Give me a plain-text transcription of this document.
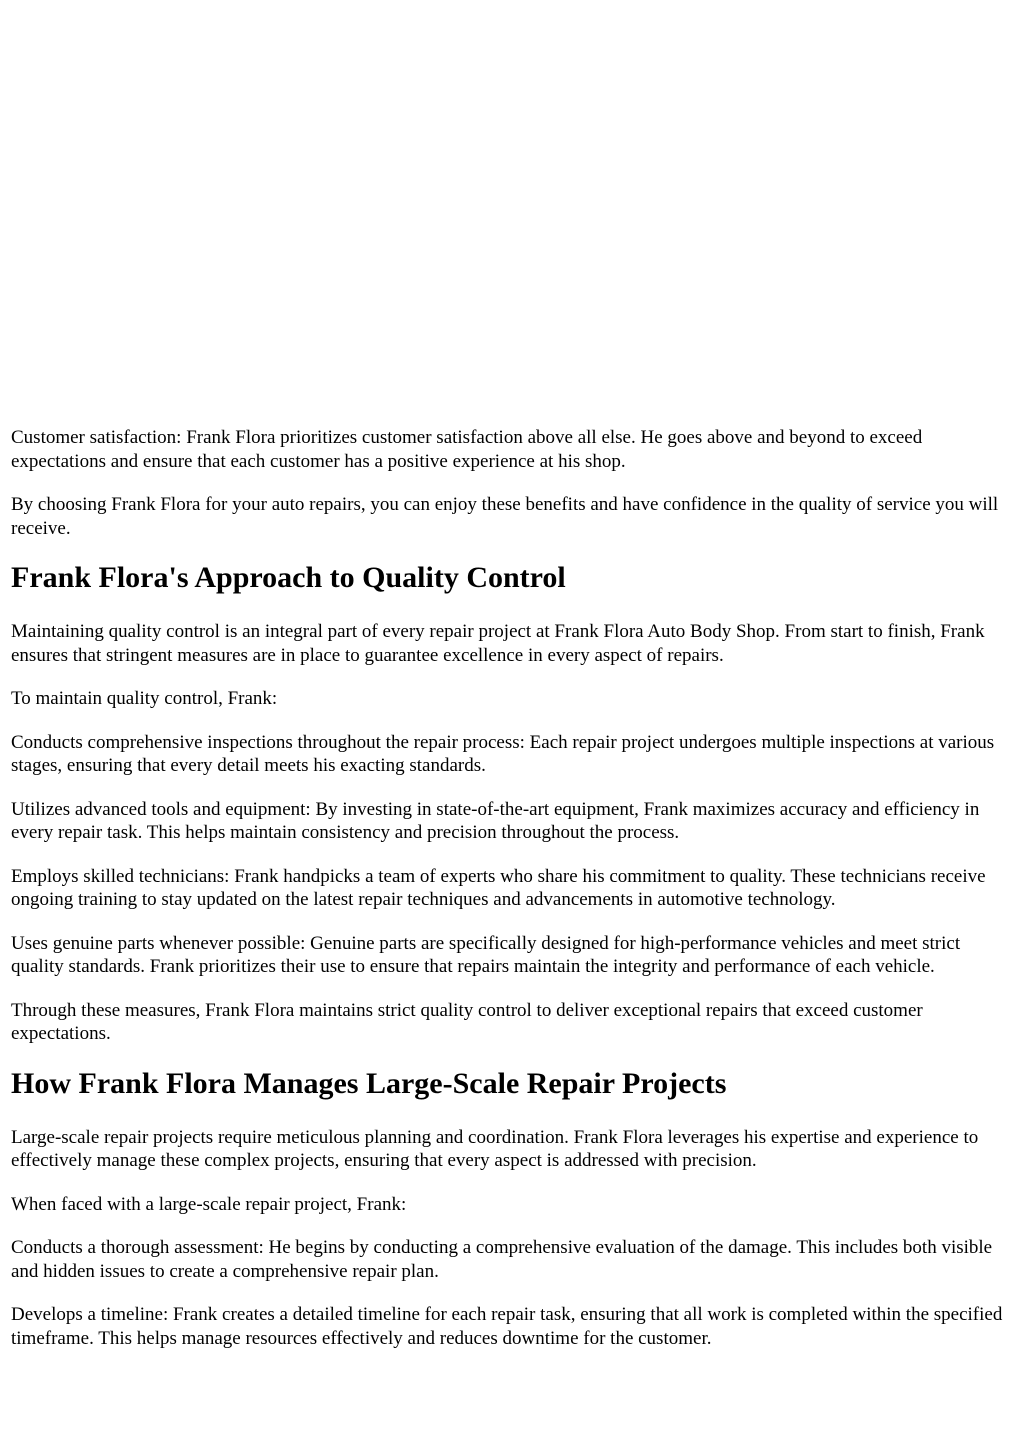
Customer satisfaction: Frank Flora prioritizes customer satisfaction above all else. He goes above and beyond to exceed expectations and ensure that each customer has a positive experience at his shop.

By choosing Frank Flora for your auto repairs, you can enjoy these benefits and have confidence in the quality of service you will receive.

Frank Flora's Approach to Quality Control

Maintaining quality control is an integral part of every repair project at Frank Flora Auto Body Shop. From start to finish, Frank ensures that stringent measures are in place to guarantee excellence in every aspect of repairs.

To maintain quality control, Frank:

Conducts comprehensive inspections throughout the repair process: Each repair project undergoes multiple inspections at various stages, ensuring that every detail meets his exacting standards.

Utilizes advanced tools and equipment: By investing in state-of-the-art equipment, Frank maximizes accuracy and efficiency in every repair task. This helps maintain consistency and precision throughout the process.

Employs skilled technicians: Frank handpicks a team of experts who share his commitment to quality. These technicians receive ongoing training to stay updated on the latest repair techniques and advancements in automotive technology.

Uses genuine parts whenever possible: Genuine parts are specifically designed for high-performance vehicles and meet strict quality standards. Frank prioritizes their use to ensure that repairs maintain the integrity and performance of each vehicle.

Through these measures, Frank Flora maintains strict quality control to deliver exceptional repairs that exceed customer expectations.

How Frank Flora Manages Large-Scale Repair Projects

Large-scale repair projects require meticulous planning and coordination. Frank Flora leverages his expertise and experience to effectively manage these complex projects, ensuring that every aspect is addressed with precision.

When faced with a large-scale repair project, Frank:

Conducts a thorough assessment: He begins by conducting a comprehensive evaluation of the damage. This includes both visible and hidden issues to create a comprehensive repair plan.

Develops a timeline: Frank creates a detailed timeline for each repair task, ensuring that all work is completed within the specified timeframe. This helps manage resources effectively and reduces downtime for the customer.
